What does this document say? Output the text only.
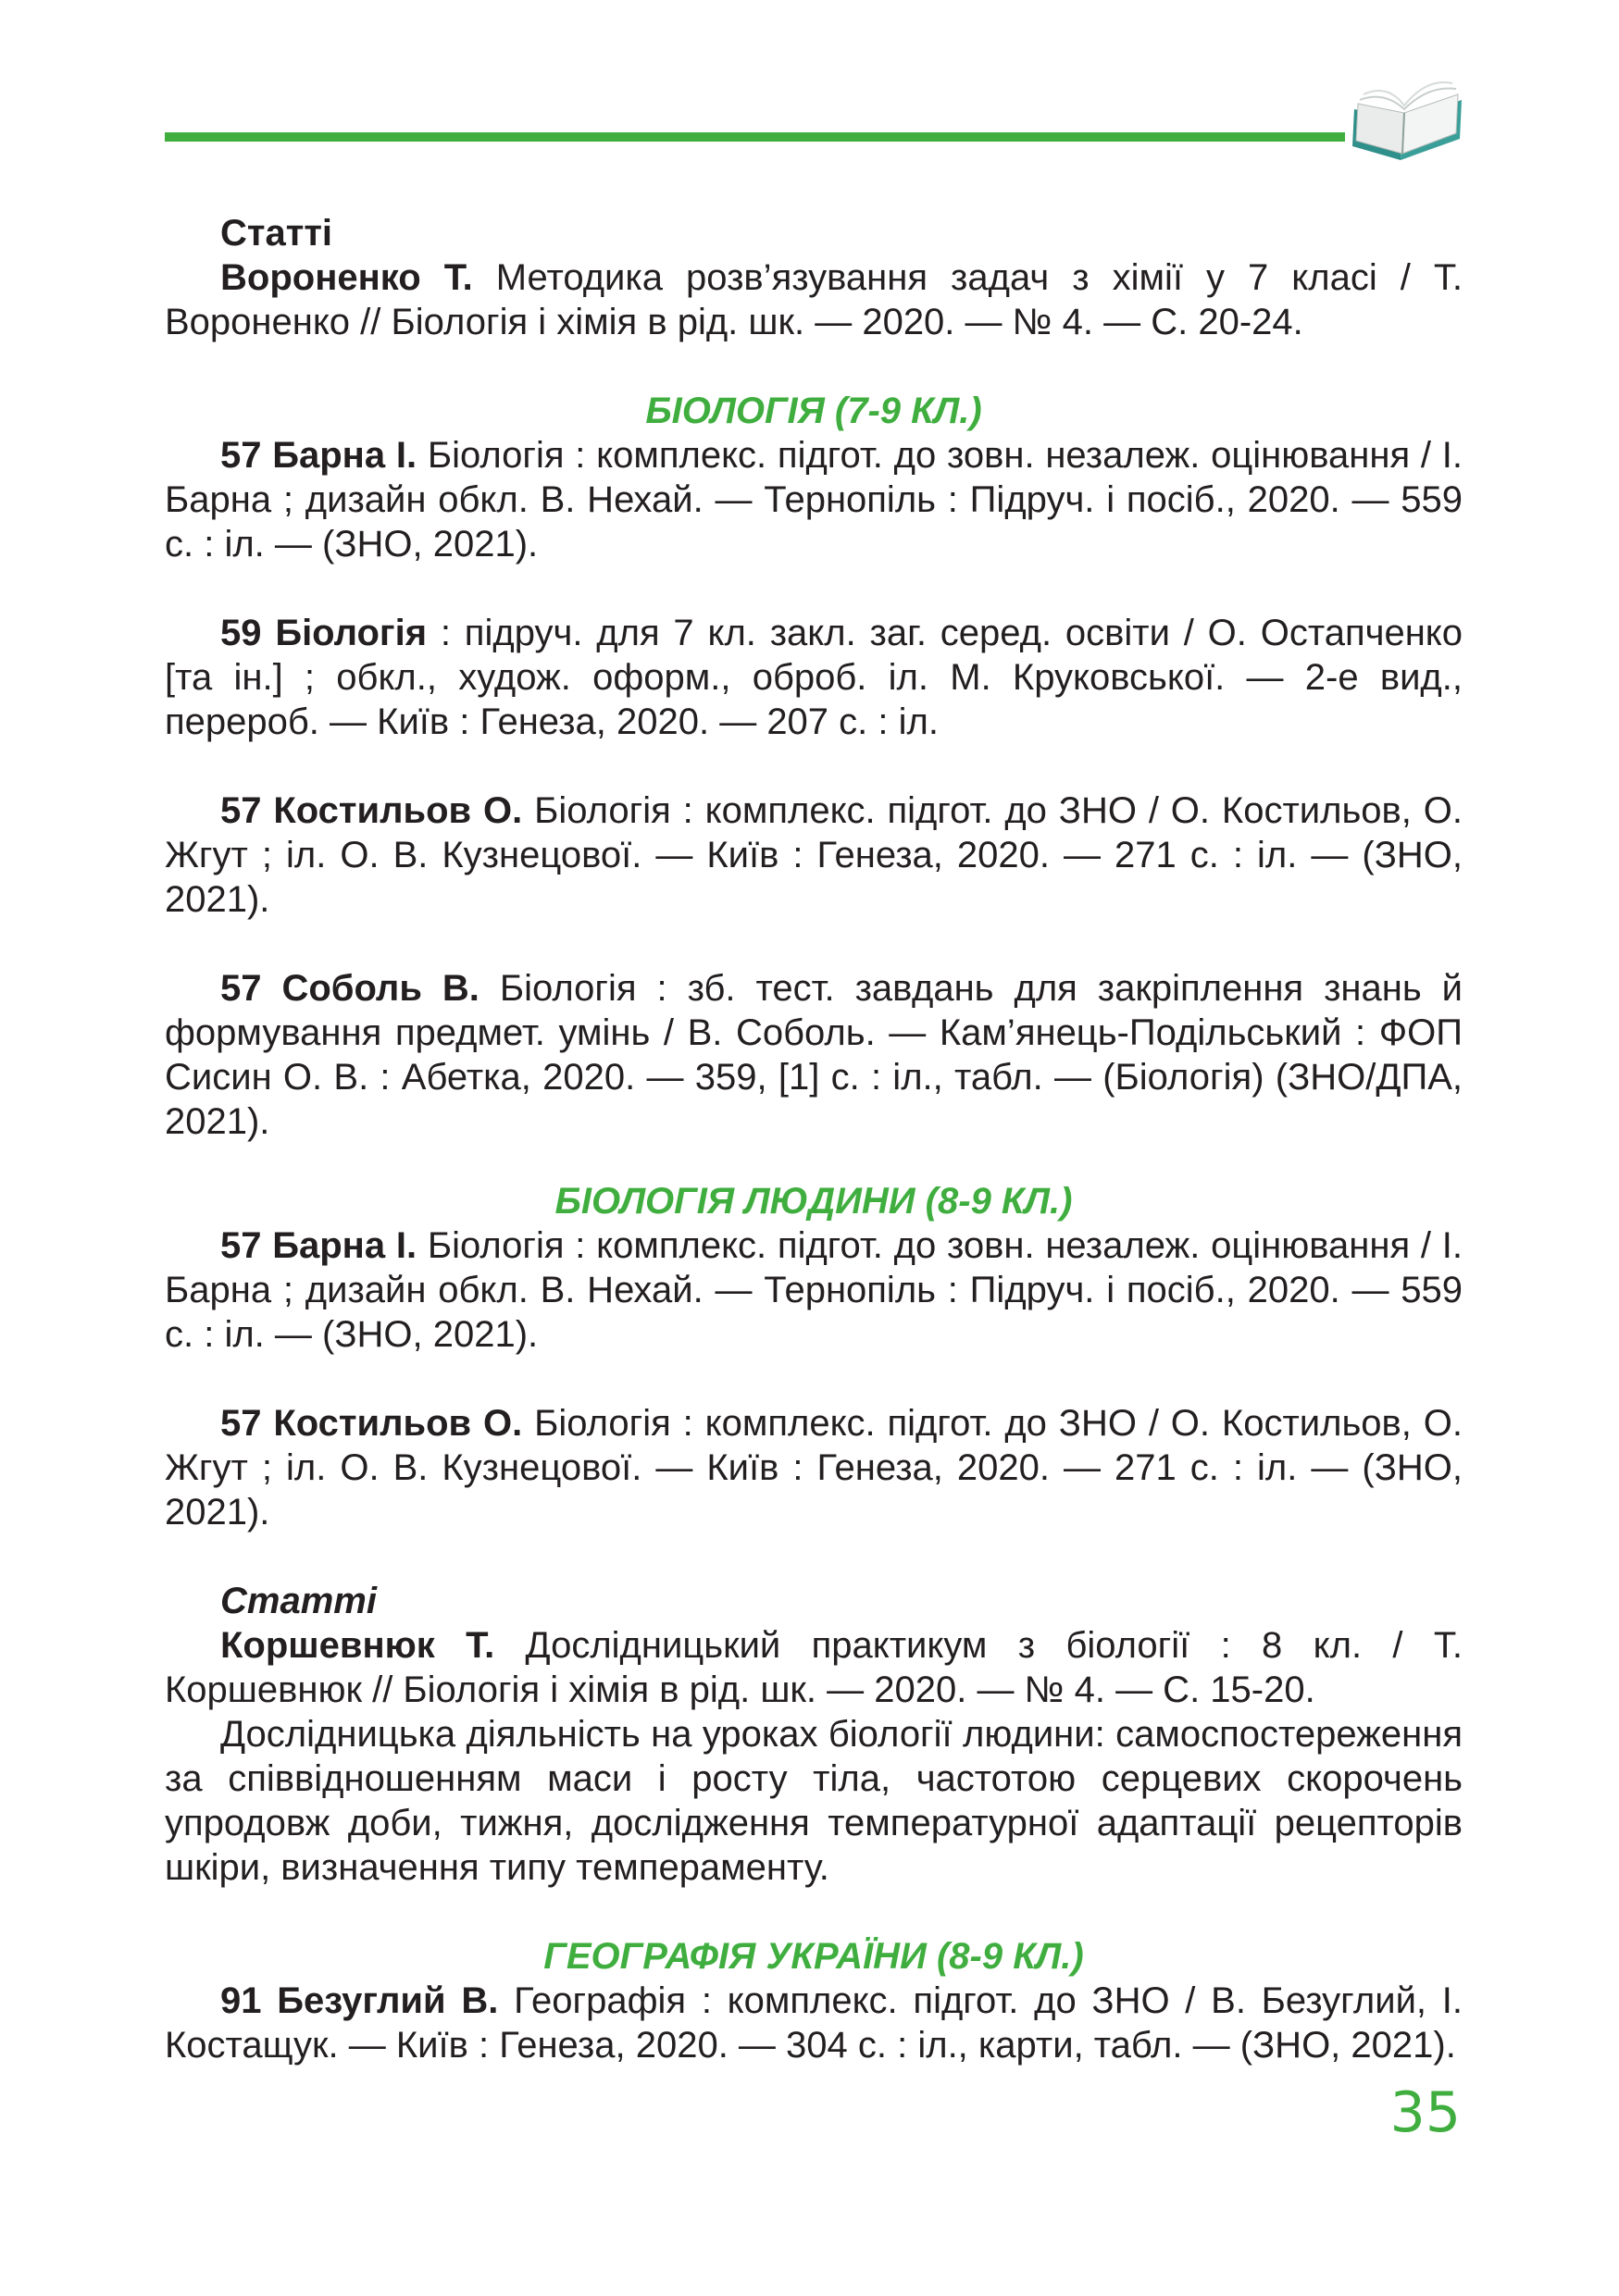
Статті

Вороненко Т. Методика розв’язування задач з хімії у 7 класі / Т. Вороненко // Біологія і хімія в рід. шк. — 2020. — № 4. — С. 20-24.

БІОЛОГІЯ (7-9 КЛ.)

57 Барна І. Біологія : комплекс. підгот. до зовн. незалеж. оцінювання / І. Барна ; дизайн обкл. В. Нехай. — Тернопіль : Підруч. і посіб., 2020. — 559 с. : іл. — (ЗНО, 2021).

59 Біологія : підруч. для 7 кл. закл. заг. серед. освіти / О. Остапченко [та ін.] ; обкл., худож. оформ., оброб. іл. М. Круковської. — 2-е вид., перероб. — Київ : Генеза, 2020. — 207 с. : іл.

57 Костильов О. Біологія : комплекс. підгот. до ЗНО / О. Костильов, О. Жгут ; іл. О. В. Кузнецової. — Київ : Генеза, 2020. — 271 с. : іл. — (ЗНО, 2021).

57 Соболь В. Біологія : зб. тест. завдань для закріплення знань й формування предмет. умінь / В. Соболь. — Кам’янець-Подільський : ФОП Сисин О. В. : Абетка, 2020. — 359, [1] с. : іл., табл. — (Біологія) (ЗНО/ДПА, 2021).

БІОЛОГІЯ ЛЮДИНИ (8-9 КЛ.)

57 Барна І. Біологія : комплекс. підгот. до зовн. незалеж. оцінювання / І. Барна ; дизайн обкл. В. Нехай. — Тернопіль : Підруч. і посіб., 2020. — 559 с. : іл. — (ЗНО, 2021).

57 Костильов О. Біологія : комплекс. підгот. до ЗНО / О. Костильов, О. Жгут ; іл. О. В. Кузнецової. — Київ : Генеза, 2020. — 271 с. : іл. — (ЗНО, 2021).

Статті

Коршевнюк Т. Дослідницький практикум з біології : 8 кл. / Т. Коршевнюк // Біологія і хімія в рід. шк. — 2020. — № 4. — С. 15-20.

Дослідницька діяльність на уроках біології людини: самоспостереження за співвідношенням маси і росту тіла, частотою серцевих скорочень упродовж доби, тижня, дослідження температурної адаптації рецепторів шкіри, визначення типу темпераменту.

ГЕОГРАФІЯ УКРАЇНИ (8-9 КЛ.)

91 Безуглий В. Географія : комплекс. підгот. до ЗНО / В. Безуглий, І. Костащук. — Київ : Генеза, 2020. — 304 с. : іл., карти, табл. — (ЗНО, 2021).

35
